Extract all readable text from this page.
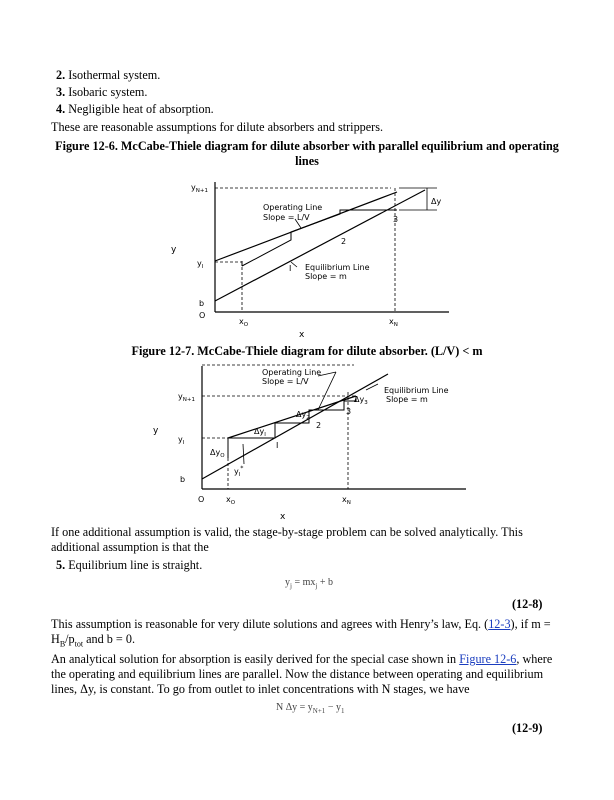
2. Isothermal system.
3. Isobaric system.
4. Negligible heat of absorption.
These are reasonable assumptions for dilute absorbers and strippers.
Figure 12-6. McCabe-Thiele diagram for dilute absorber with parallel equilibrium and operating
lines
$y_{N+1}$
y
$y_I$
b
O
$x_O$	$x_N$
x
Operating Line
Slope = L/V
Equilibrium Line
Slope = m
Δy
I
2
3
Figure 12-7. McCabe-Thiele diagram for dilute absorber. (L/V) < m
Operating Line
Slope = L/V
Equilibrium Line
Slope = m
$y_{N+1}$
y
$y_I$
b
O	$x_O$	$x_N$
x
$\Delta y_O$
$\Delta y_I$
$\Delta y_2$
$\Delta y_3$
$y_I^*$
I
2
3
If one additional assumption is valid, the stage-by-stage problem can be solved analytically. This
additional assumption is that the
5. Equilibrium line is straight.
$y_j = mx_j + b$
(12-8)
This assumption is reasonable for very dilute solutions and agrees with Henry’s law, Eq. (12-3), if m =
$H_B/p_{tot}$ and b = 0.
An analytical solution for absorption is easily derived for the special case shown in Figure 12-6, where
the operating and equilibrium lines are parallel. Now the distance between operating and equilibrium
lines, Δy, is constant. To go from outlet to inlet concentrations with N stages, we have
N $\Delta y = y_{N+1} - y_1$
(12-9)
